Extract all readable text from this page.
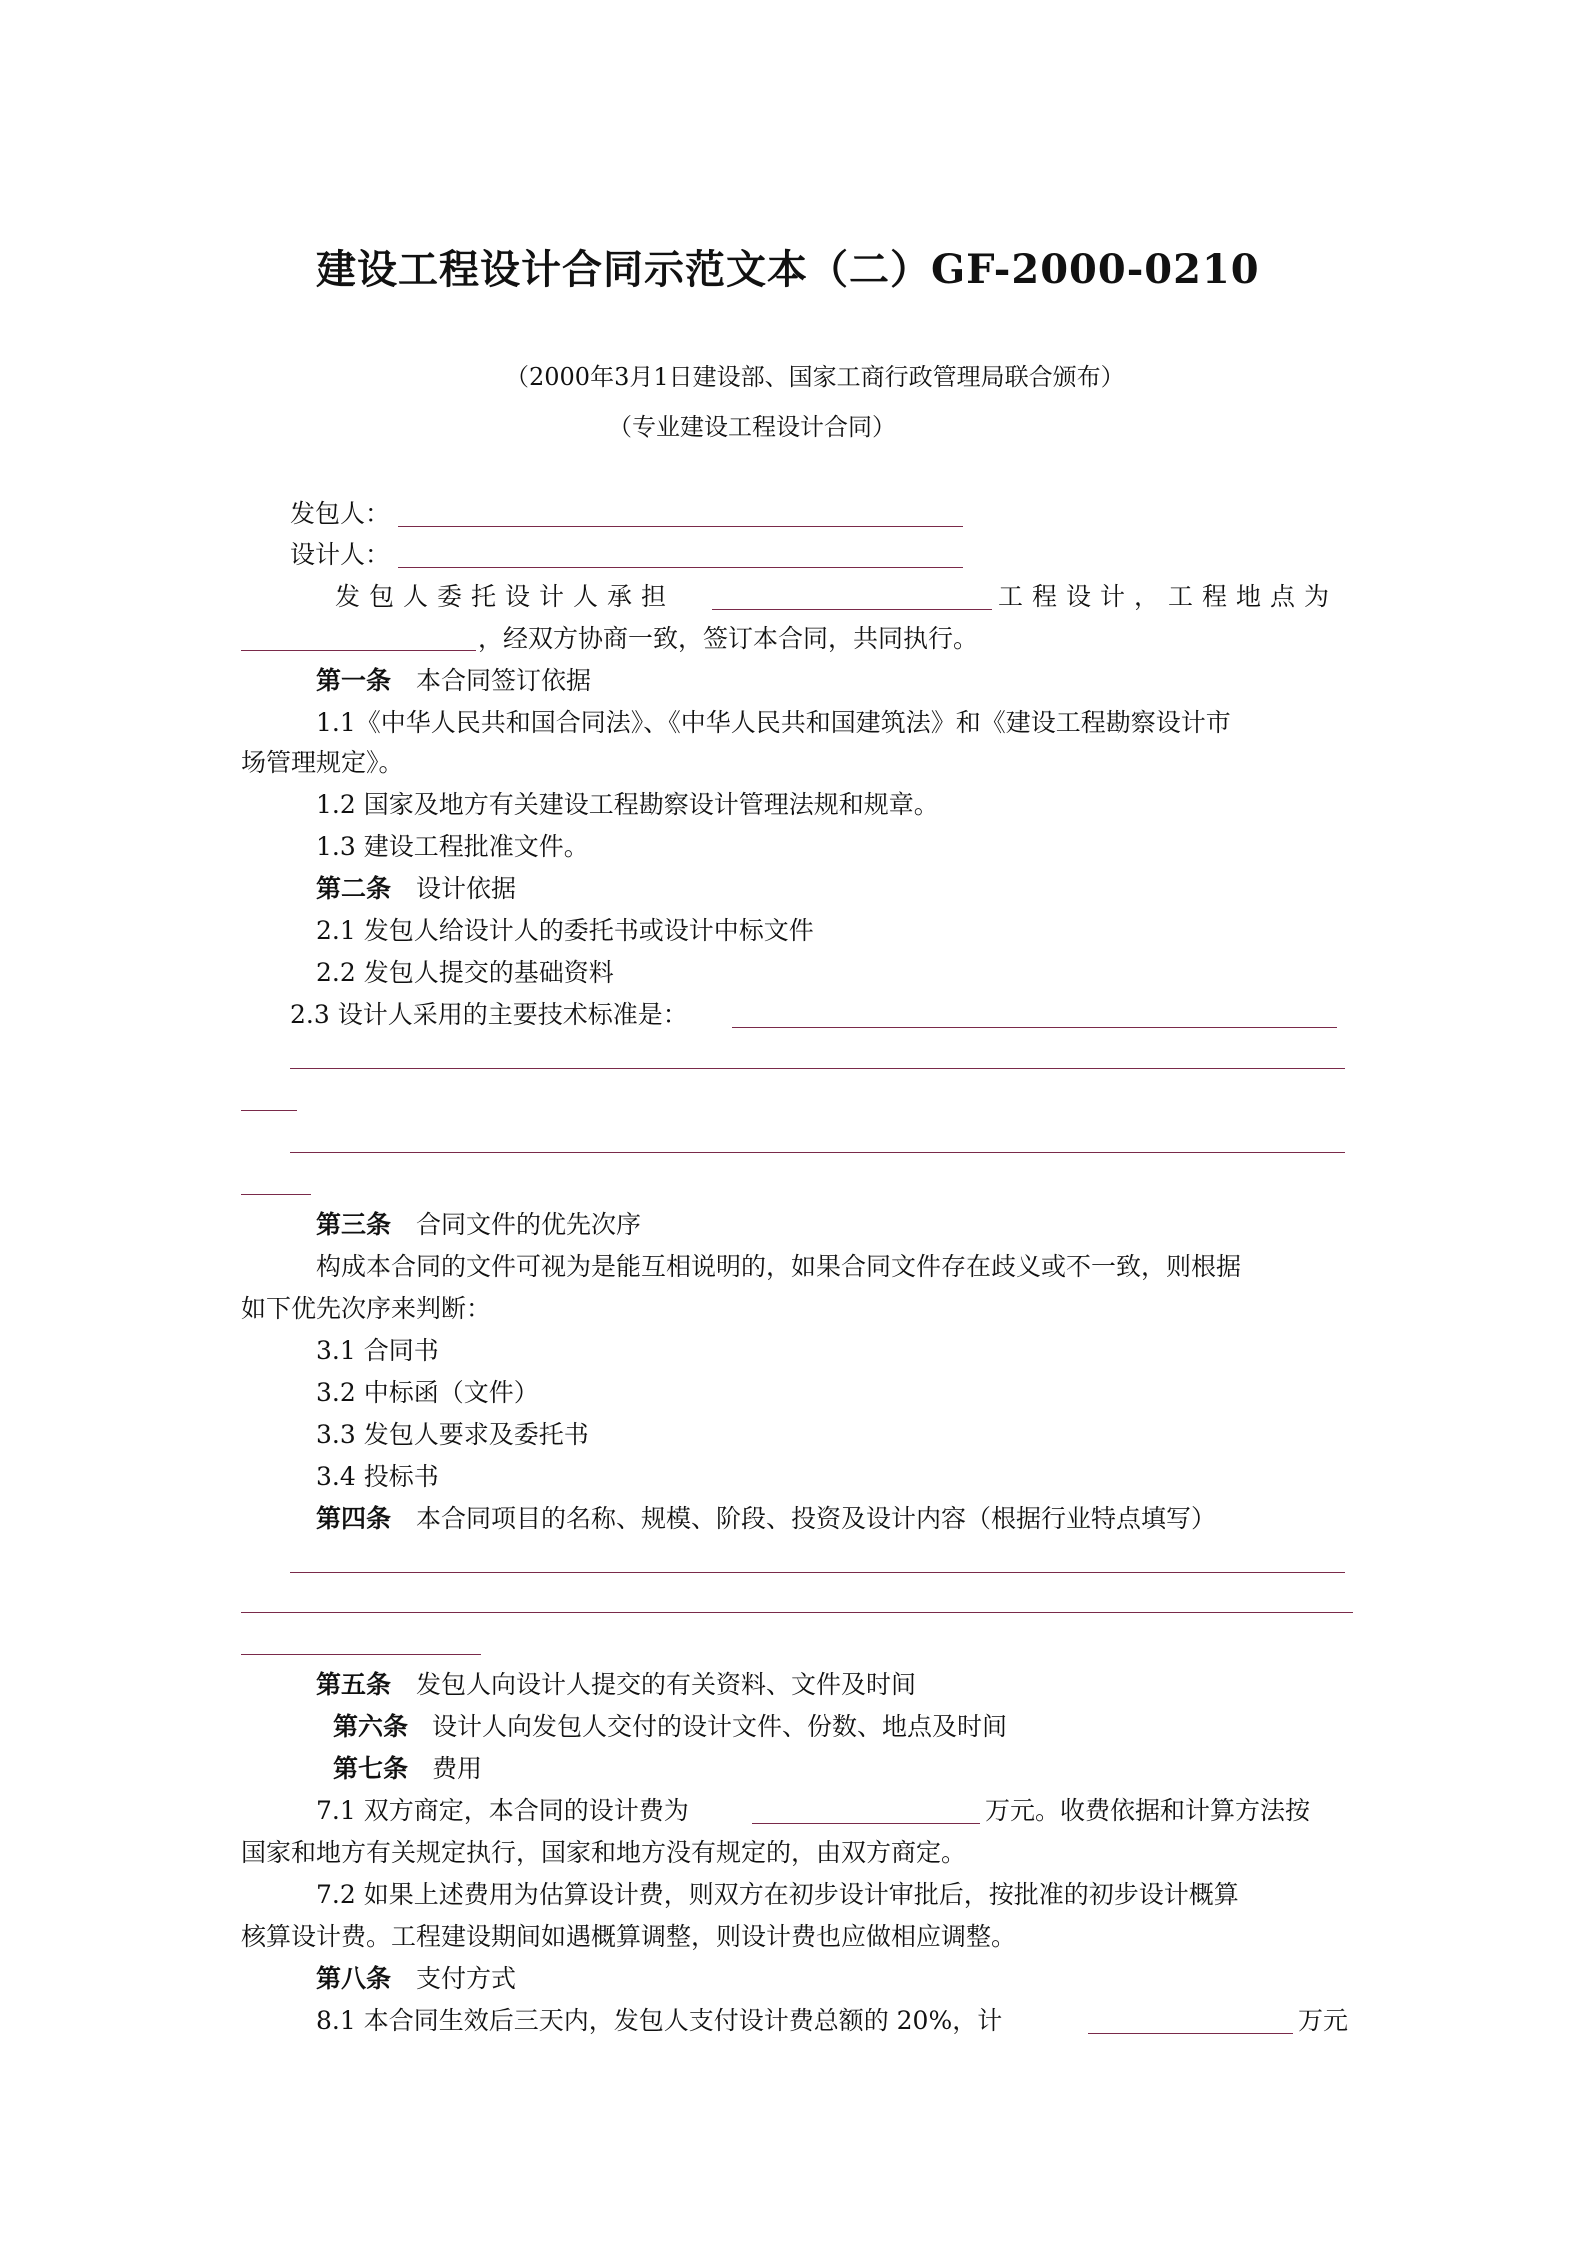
建设工程设计合同示范文本（二）GF-2000-0210
（2000年3月1日建设部、国家工商行政管理局联合颁布）
（专业建设工程设计合同）
发包人：
设计人：
发包人委托设计人承担	工程设计，工程地点为
，经双方协商一致，签订本合同，共同执行。
第一条 本合同签订依据
1.1《中华人民共和国合同法》、《中华人民共和国建筑法》和《建设工程勘察设计市
场管理规定》。
1.2 国家及地方有关建设工程勘察设计管理法规和规章。
1.3 建设工程批准文件。
第二条 设计依据
2.1 发包人给设计人的委托书或设计中标文件
2.2 发包人提交的基础资料
2.3 设计人采用的主要技术标准是：
第三条 合同文件的优先次序
构成本合同的文件可视为是能互相说明的，如果合同文件存在歧义或不一致，则根据
如下优先次序来判断：
3.1 合同书
3.2 中标函（文件）
3.3 发包人要求及委托书
3.4 投标书
第四条 本合同项目的名称、规模、阶段、投资及设计内容（根据行业特点填写）
第五条 发包人向设计人提交的有关资料、文件及时间
第六条 设计人向发包人交付的设计文件、份数、地点及时间
第七条 费用
7.1 双方商定，本合同的设计费为	万元。收费依据和计算方法按
国家和地方有关规定执行，国家和地方没有规定的，由双方商定。
7.2 如果上述费用为估算设计费，则双方在初步设计审批后，按批准的初步设计概算
核算设计费。工程建设期间如遇概算调整，则设计费也应做相应调整。
第八条 支付方式
8.1 本合同生效后三天内，发包人支付设计费总额的 20%，计	万元
